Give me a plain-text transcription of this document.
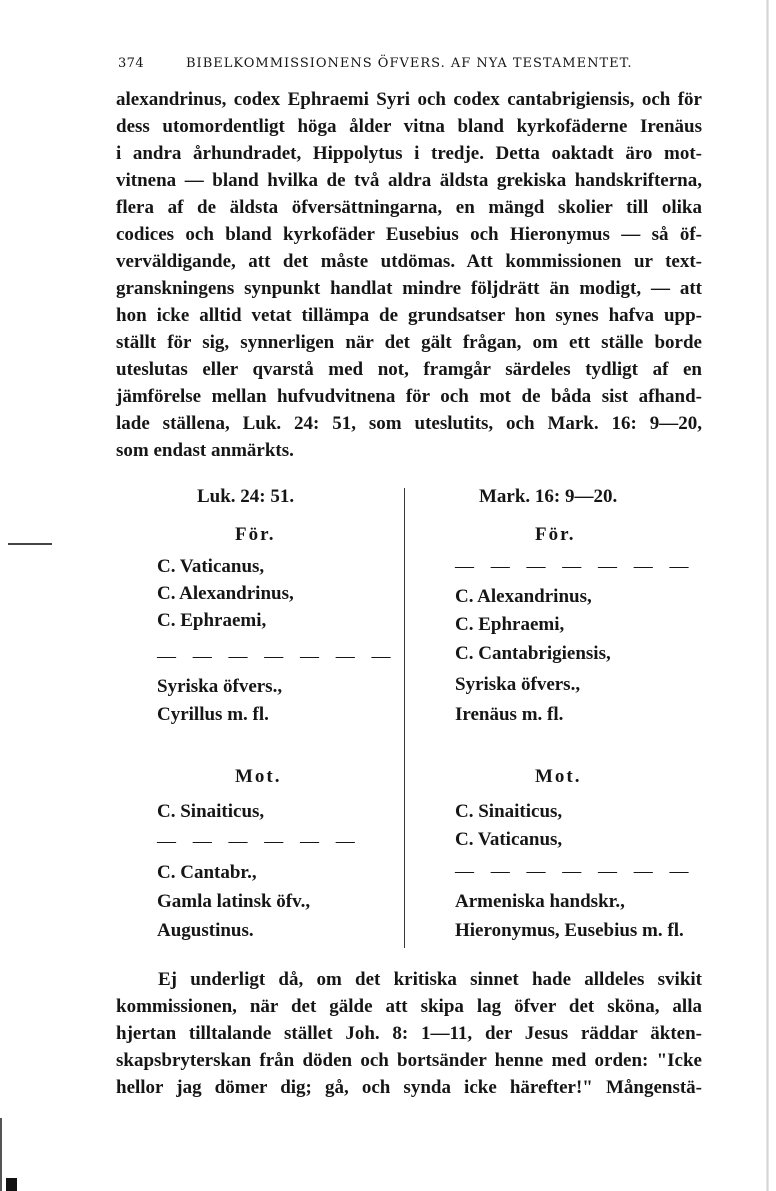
374	BIBELKOMMISSIONENS ÖFVERS. AF NYA TESTAMENTET.
alexandrinus, codex Ephraemi Syri och codex cantabrigiensis, och för
dess utomordentligt höga ålder vitna bland kyrkofäderne Irenäus
i andra århundradet, Hippolytus i tredje. Detta oaktadt äro mot-
vitnena — bland hvilka de två aldra äldsta grekiska handskrifterna,
flera af de äldsta öfversättningarna, en mängd skolier till olika
codices och bland kyrkofäder Eusebius och Hieronymus — så öf-
verväldigande, att det måste utdömas. Att kommissionen ur text-
granskningens synpunkt handlat mindre följdrätt än modigt, — att
hon icke alltid vetat tillämpa de grundsatser hon synes hafva upp-
ställt för sig, synnerligen när det gält frågan, om ett ställe borde
uteslutas eller qvarstå med not, framgår särdeles tydligt af en
jämförelse mellan hufvudvitnena för och mot de båda sist afhand-
lade ställena, Luk. 24: 51, som uteslutits, och Mark. 16: 9—20,
som endast anmärkts.
Luk. 24: 51.
För.
C. Vaticanus,
C. Alexandrinus,
C. Ephraemi,
— — — — — — —
Syriska öfvers.,
Cyrillus m. fl.
Mot.
C. Sinaiticus,
— — — — — —
C. Cantabr.,
Gamla latinsk öfv.,
Augustinus.
Mark. 16: 9—20.
För.
— — — — — — —
C. Alexandrinus,
C. Ephraemi,
C. Cantabrigiensis,
Syriska öfvers.,
Irenäus m. fl.
Mot.
C. Sinaiticus,
C. Vaticanus,
— — — — — — —
Armeniska handskr.,
Hieronymus, Eusebius m. fl.
Ej underligt då, om det kritiska sinnet hade alldeles svikit
kommissionen, när det gälde att skipa lag öfver det sköna, alla
hjertan tilltalande stället Joh. 8: 1—11, der Jesus räddar äkten-
skapsbryterskan från döden och bortsänder henne med orden: "Icke
hellor jag dömer dig; gå, och synda icke härefter!" Mångenstä-
